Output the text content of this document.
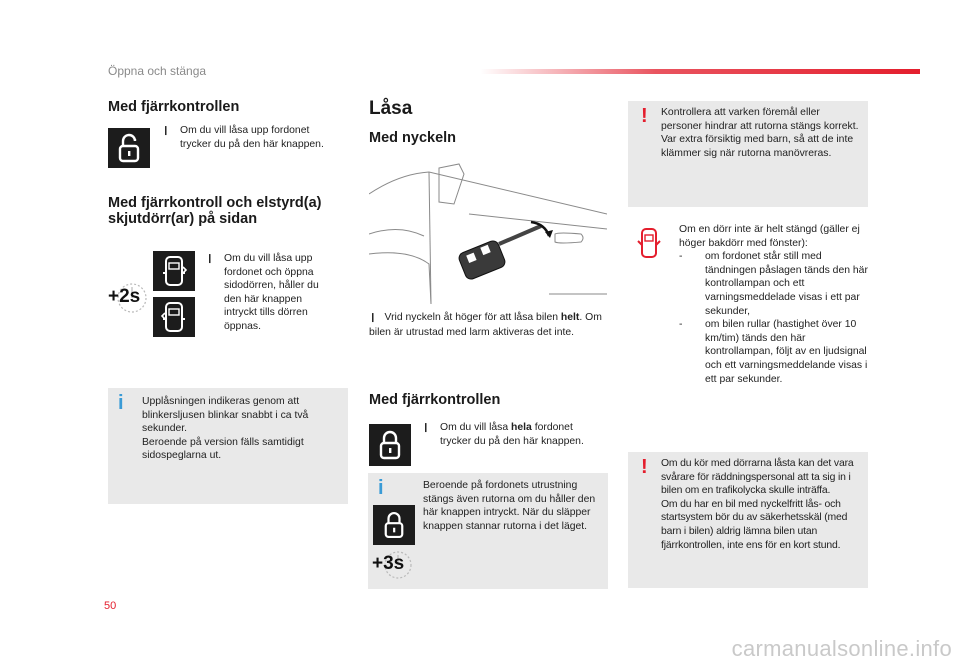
Öppna och stänga
Med fjärrkontrollen
❙ Om du vill låsa upp fordonet trycker du på den här knappen.
Med fjärrkontroll och elstyrd(a)
skjutdörr(ar) på sidan
+2s
❙ Om du vill låsa upp fordonet och öppna sidodörren, håller du den här knappen intryckt tills dörren öppnas.
i Upplåsningen indikeras genom att blinkersljusen blinkar snabbt i ca två sekunder.
Beroende på version fälls samtidigt sidospeglarna ut.
Låsa
Med nyckeln
❙ Vrid nyckeln åt höger för att låsa bilen helt. Om bilen är utrustad med larm aktiveras det inte.
Med fjärrkontrollen
❙ Om du vill låsa hela fordonet trycker du på den här knappen.
i
+3s
Beroende på fordonets utrustning stängs även rutorna om du håller den här knappen intryckt. När du släpper knappen stannar rutorna i det läget.
! Kontrollera att varken föremål eller personer hindrar att rutorna stängs korrekt.
Var extra försiktig med barn, så att de inte klämmer sig när rutorna manövreras.
Om en dörr inte är helt stängd (gäller ej höger bakdörr med fönster):
-	om fordonet står still med tändningen påslagen tänds den här kontrollampan och ett varningsmeddelade visas i ett par sekunder,
-	om bilen rullar (hastighet över 10 km/tim) tänds den här kontrollampan, följt av en ljudsignal och ett varningsmeddelande visas i ett par sekunder.
! Om du kör med dörrarna låsta kan det vara svårare för räddningspersonal att ta sig in i bilen om en trafikolycka skulle inträffa.
Om du har en bil med nyckelfritt lås- och startsystem bör du av säkerhetsskäl (med barn i bilen) aldrig lämna bilen utan fjärrkontrollen, inte ens för en kort stund.
50
carmanualsonline.info
